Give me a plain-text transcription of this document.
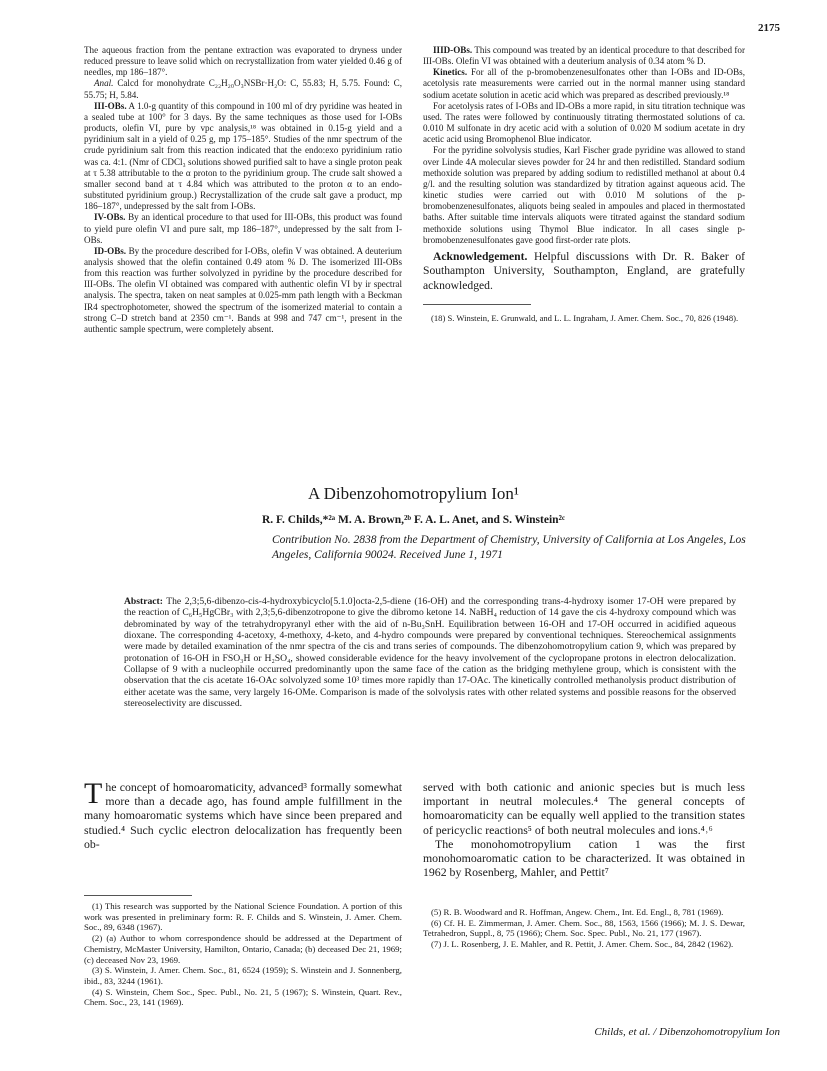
2175

The aqueous fraction from the pentane extraction was evaporated to dryness under reduced pressure to leave solid which on recrystallization from water yielded 0.46 g of needles, mp 186–187°.

Anal. Calcd for monohydrate C₂₂H₂₀O₃NSBr·H₂O: C, 55.83; H, 5.75. Found: C, 55.75; H, 5.84.

III-OBs. A 1.0-g quantity of this compound in 100 ml of dry pyridine was heated in a sealed tube at 100° for 3 days. By the same techniques as those used for I-OBs products, olefin VI, pure by vpc analysis,¹⁸ was obtained in 0.15-g yield and a pyridinium salt in a yield of 0.25 g, mp 175–185°. Studies of the nmr spectrum of the crude pyridinium salt from this reaction indicated that the endo:exo pyridinium ratio was ca. 4:1. (Nmr of CDCl₃ solutions showed purified salt to have a single proton peak at τ 5.38 attributable to the α proton to the pyridinium group. The crude salt showed a smaller second band at τ 4.84 which was attributed to the proton α to an endo-substituted pyridinium group.) Recrystallization of the crude salt gave a product, mp 186–187°, undepressed by the salt from I-OBs.

IV-OBs. By an identical procedure to that used for III-OBs, this product was found to yield pure olefin VI and pure salt, mp 186–187°, undepressed by the salt from I-OBs.

ID-OBs. By the procedure described for I-OBs, olefin V was obtained. A deuterium analysis showed that the olefin contained 0.49 atom % D. The isomerized III-OBs from this reaction was further solvolyzed in pyridine by the procedure described for III-OBs. The olefin VI obtained was compared with authentic olefin VI by ir spectral analysis. The spectra, taken on neat samples at 0.025-mm path length with a Beckman IR4 spectrophotometer, showed the spectrum of the isomerized material to contain a strong C–D stretch band at 2350 cm⁻¹. Bands at 998 and 747 cm⁻¹, present in the authentic sample spectrum, were completely absent.

IIID-OBs. This compound was treated by an identical procedure to that described for III-OBs. Olefin VI was obtained with a deuterium analysis of 0.34 atom % D.

Kinetics. For all of the p-bromobenzenesulfonates other than I-OBs and ID-OBs, acetolysis rate measurements were carried out in the normal manner using standard sodium acetate solution in acetic acid which was prepared as described previously.¹⁸

For acetolysis rates of I-OBs and ID-OBs a more rapid, in situ titration technique was used. The rates were followed by continuously titrating thermostated solutions of ca. 0.010 M sulfonate in dry acetic acid with a solution of 0.020 M sodium acetate in dry acetic acid using Bromophenol Blue indicator.

For the pyridine solvolysis studies, Karl Fischer grade pyridine was allowed to stand over Linde 4A molecular sieves powder for 24 hr and then redistilled. Standard sodium methoxide solution was prepared by adding sodium to redistilled methanol at about 0.4 g/l. and the resulting solution was standardized by titration against aqueous acid. The kinetic studies were carried out with 0.010 M solutions of the p-bromobenzenesulfonates, aliquots being sealed in ampoules and placed in thermostated baths. After suitable time intervals aliquots were titrated against the standard sodium methoxide solutions using Thymol Blue indicator. In all cases single p-bromobenzenesulfonates gave good first-order rate plots.

Acknowledgement. Helpful discussions with Dr. R. Baker of Southampton University, Southampton, England, are gratefully acknowledged.

(18) S. Winstein, E. Grunwald, and L. L. Ingraham, J. Amer. Chem. Soc., 70, 826 (1948).

A Dibenzohomotropylium Ion¹
R. F. Childs,*²ᵃ M. A. Brown,²ᵇ F. A. L. Anet, and S. Winstein²ᶜ
Contribution No. 2838 from the Department of Chemistry, University of California at Los Angeles, Los Angeles, California 90024. Received June 1, 1971
Abstract: The 2,3;5,6-dibenzo-cis-4-hydroxybicyclo[5.1.0]octa-2,5-diene (16-OH) and the corresponding trans-4-hydroxy isomer 17-OH were prepared by the reaction of C₆H₅HgCBr₃ with 2,3;5,6-dibenzotropone to give the dibromo ketone 14. NaBH₄ reduction of 14 gave the cis 4-hydroxy compound which was debrominated by way of the tetrahydropyranyl ether with the aid of n-Bu₃SnH. Equilibration between 16-OH and 17-OH occurred in acidified aqueous dioxane. The corresponding 4-acetoxy, 4-methoxy, 4-keto, and 4-hydro compounds were prepared by conventional techniques. Stereochemical assignments were made by detailed examination of the nmr spectra of the cis and trans series of compounds. The dibenzohomotropylium cation 9, which was prepared by protonation of 16-OH in FSO₃H or H₂SO₄, showed considerable evidence for the heavy involvement of the cyclopropane protons in electron delocalization. Collapse of 9 with a nucleophile occurred predominantly upon the same face of the cation as the bridging methylene group, which is consistent with the observation that the cis acetate 16-OAc solvolyzed some 10³ times more rapidly than 17-OAc. The kinetically controlled methanolysis product distribution of either acetate was the same, very largely 16-OMe. Comparison is made of the solvolysis rates with other related systems and possible reasons for the observed stereoselectivity are discussed.
The concept of homoaromaticity, advanced³ formally somewhat more than a decade ago, has found ample fulfillment in the many homoaromatic systems which have since been prepared and studied.⁴ Such cyclic electron delocalization has frequently been ob-

served with both cationic and anionic species but is much less important in neutral molecules.⁴ The general concepts of homoaromaticity can be equally well applied to the transition states of pericyclic reactions⁵ of both neutral molecules and ions.⁴˒⁶

The monohomotropylium cation 1 was the first monohomoaromatic cation to be characterized. It was obtained in 1962 by Rosenberg, Mahler, and Pettit⁷

(1) This research was supported by the National Science Foundation. A portion of this work was presented in preliminary form: R. F. Childs and S. Winstein, J. Amer. Chem. Soc., 89, 6348 (1967).

(2) (a) Author to whom correspondence should be addressed at the Department of Chemistry, McMaster University, Hamilton, Ontario, Canada; (b) deceased Dec 21, 1969; (c) deceased Nov 23, 1969.

(3) S. Winstein, J. Amer. Chem. Soc., 81, 6524 (1959); S. Winstein and J. Sonnenberg, ibid., 83, 3244 (1961).

(4) S. Winstein, Chem Soc., Spec. Publ., No. 21, 5 (1967); S. Winstein, Quart. Rev., Chem. Soc., 23, 141 (1969).

(5) R. B. Woodward and R. Hoffman, Angew. Chem., Int. Ed. Engl., 8, 781 (1969).

(6) Cf. H. E. Zimmerman, J. Amer. Chem. Soc., 88, 1563, 1566 (1966); M. J. S. Dewar, Tetrahedron, Suppl., 8, 75 (1966); Chem. Soc. Spec. Publ., No. 21, 177 (1967).

(7) J. L. Rosenberg, J. E. Mahler, and R. Pettit, J. Amer. Chem. Soc., 84, 2842 (1962).

Childs, et al. / Dibenzohomotropylium Ion
